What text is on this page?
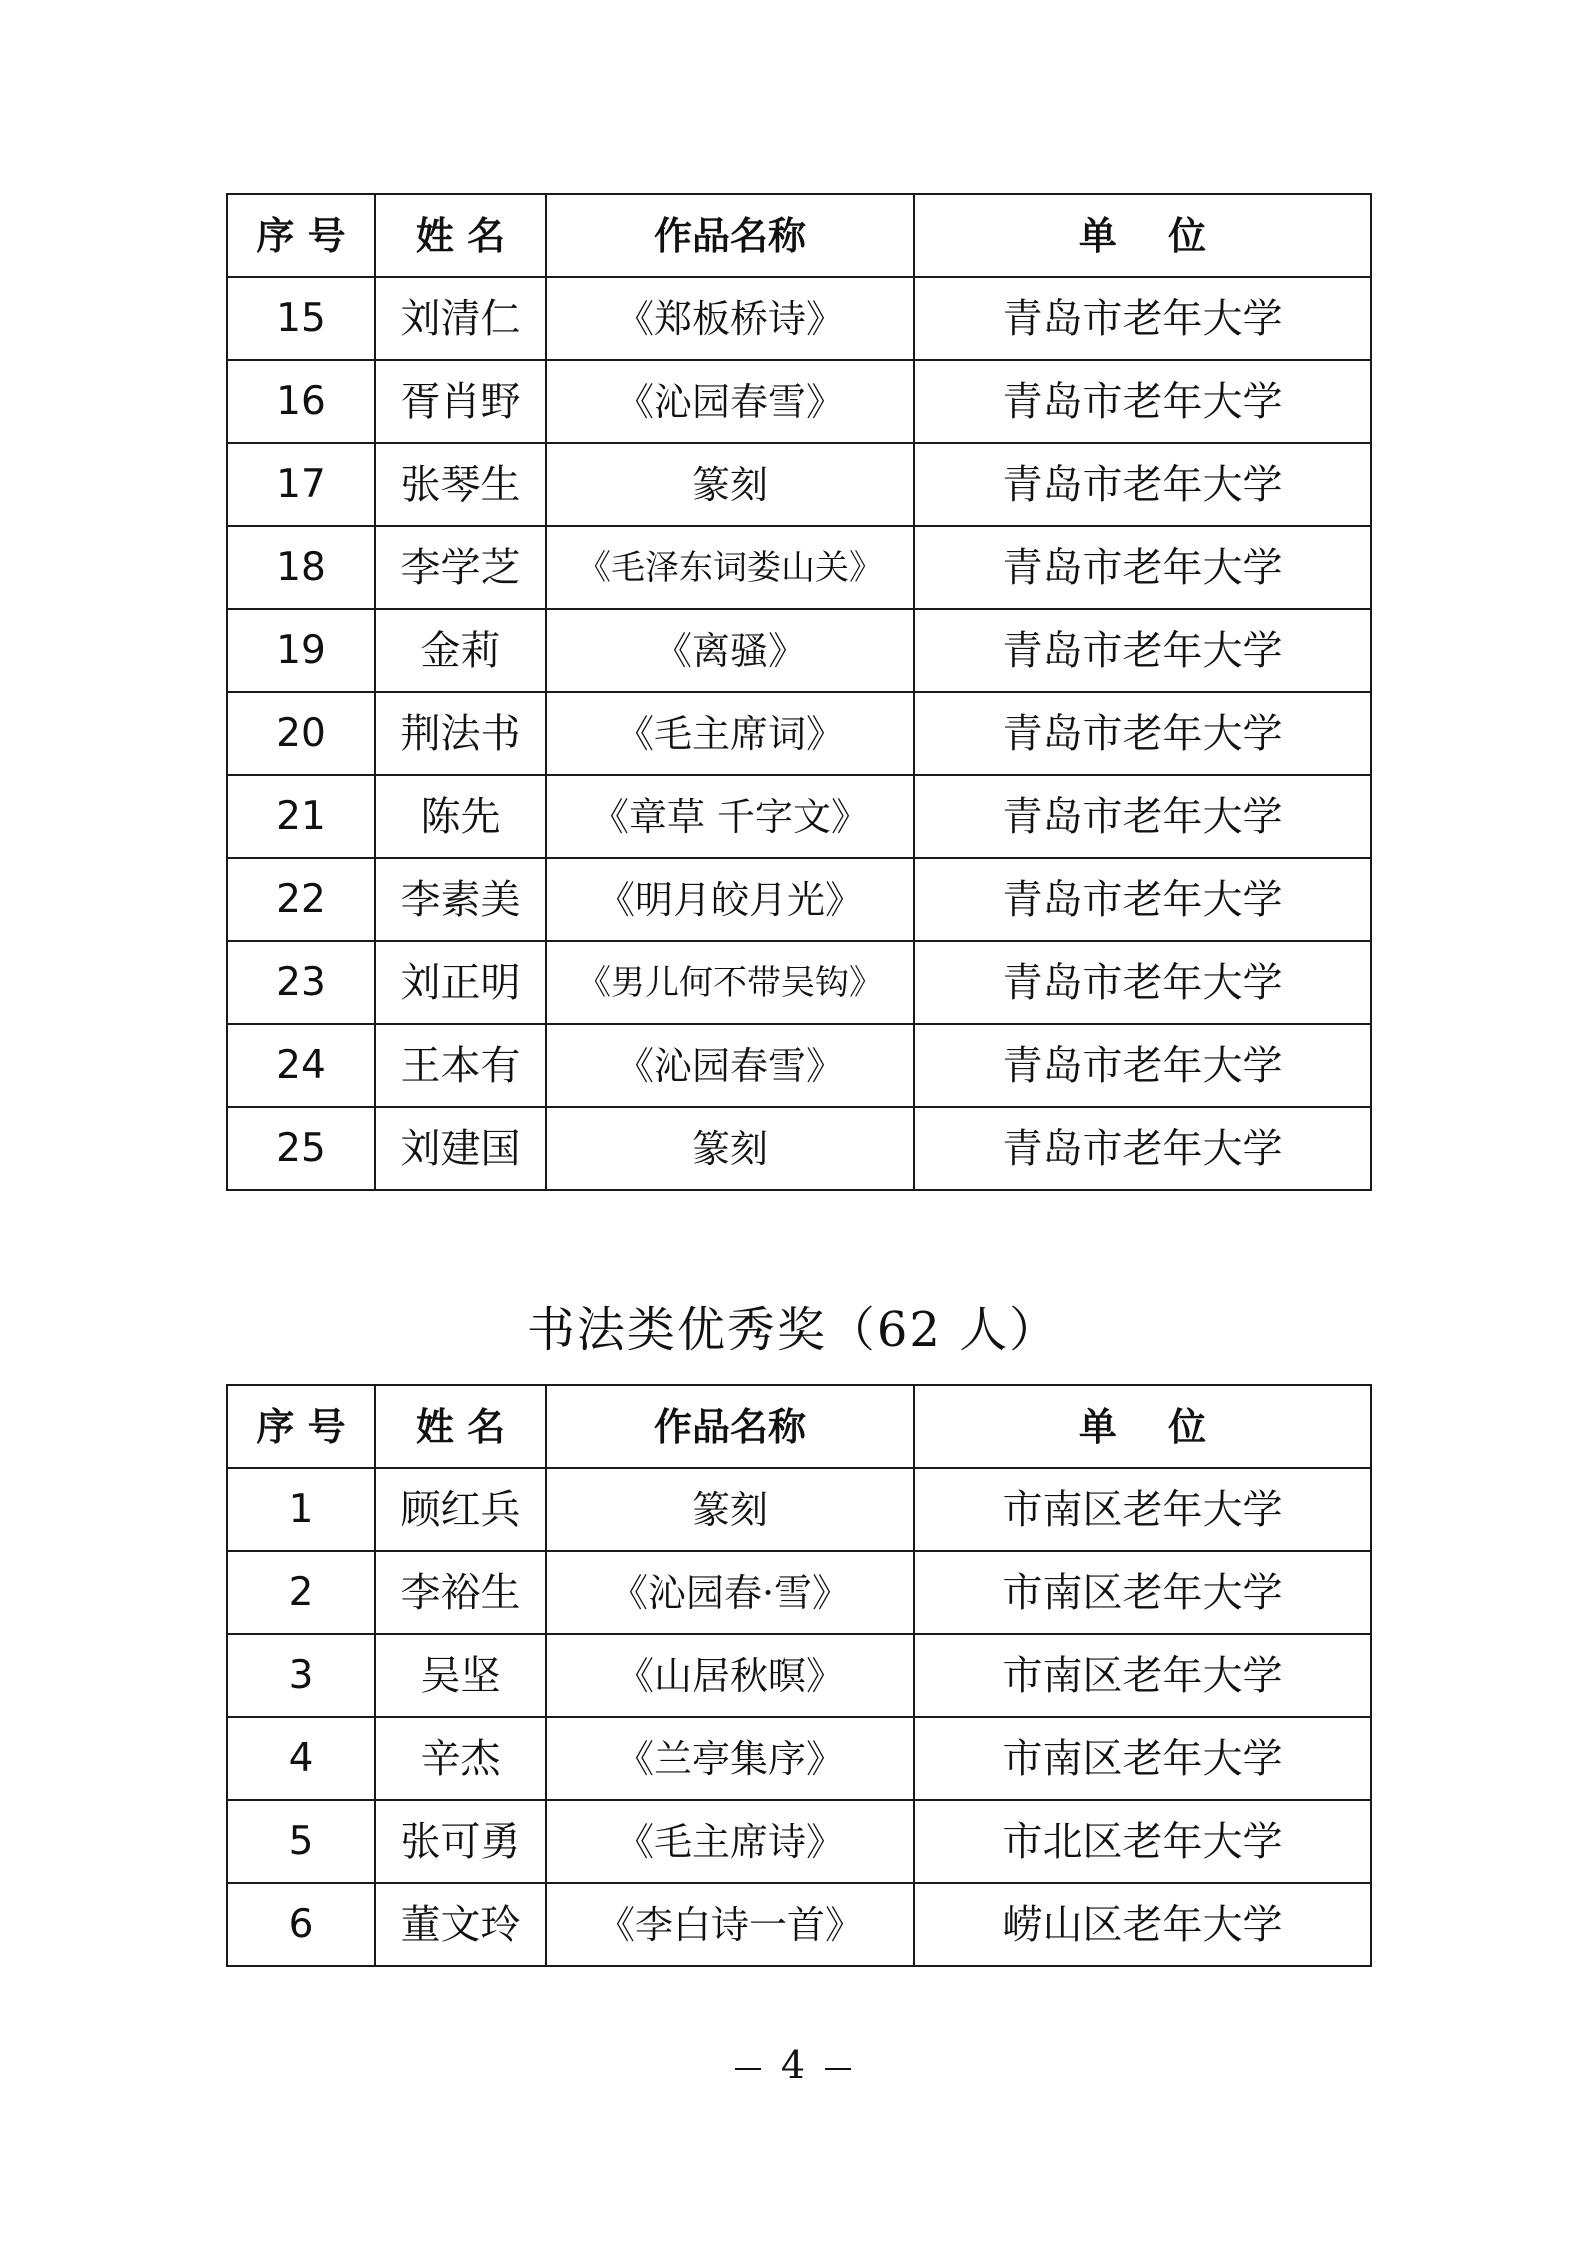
序 号	姓 名	作品名称	单　 位
15	刘清仁	《郑板桥诗》	青岛市老年大学
16	胥肖野	《沁园春雪》	青岛市老年大学
17	张琴生	篆刻	青岛市老年大学
18	李学芝	《毛泽东词娄山关》	青岛市老年大学
19	金莉	《离骚》	青岛市老年大学
20	荆法书	《毛主席词》	青岛市老年大学
21	陈先	《章草 千字文》	青岛市老年大学
22	李素美	《明月皎月光》	青岛市老年大学
23	刘正明	《男儿何不带吴钩》	青岛市老年大学
24	王本有	《沁园春雪》	青岛市老年大学
25	刘建国	篆刻	青岛市老年大学
书法类优秀奖（62 人）
序 号	姓 名	作品名称	单　 位
1	顾红兵	篆刻	市南区老年大学
2	李裕生	《沁园春·雪》	市南区老年大学
3	吴坚	《山居秋暝》	市南区老年大学
4	辛杰	《兰亭集序》	市南区老年大学
5	张可勇	《毛主席诗》	市北区老年大学
6	董文玲	《李白诗一首》	崂山区老年大学
4
